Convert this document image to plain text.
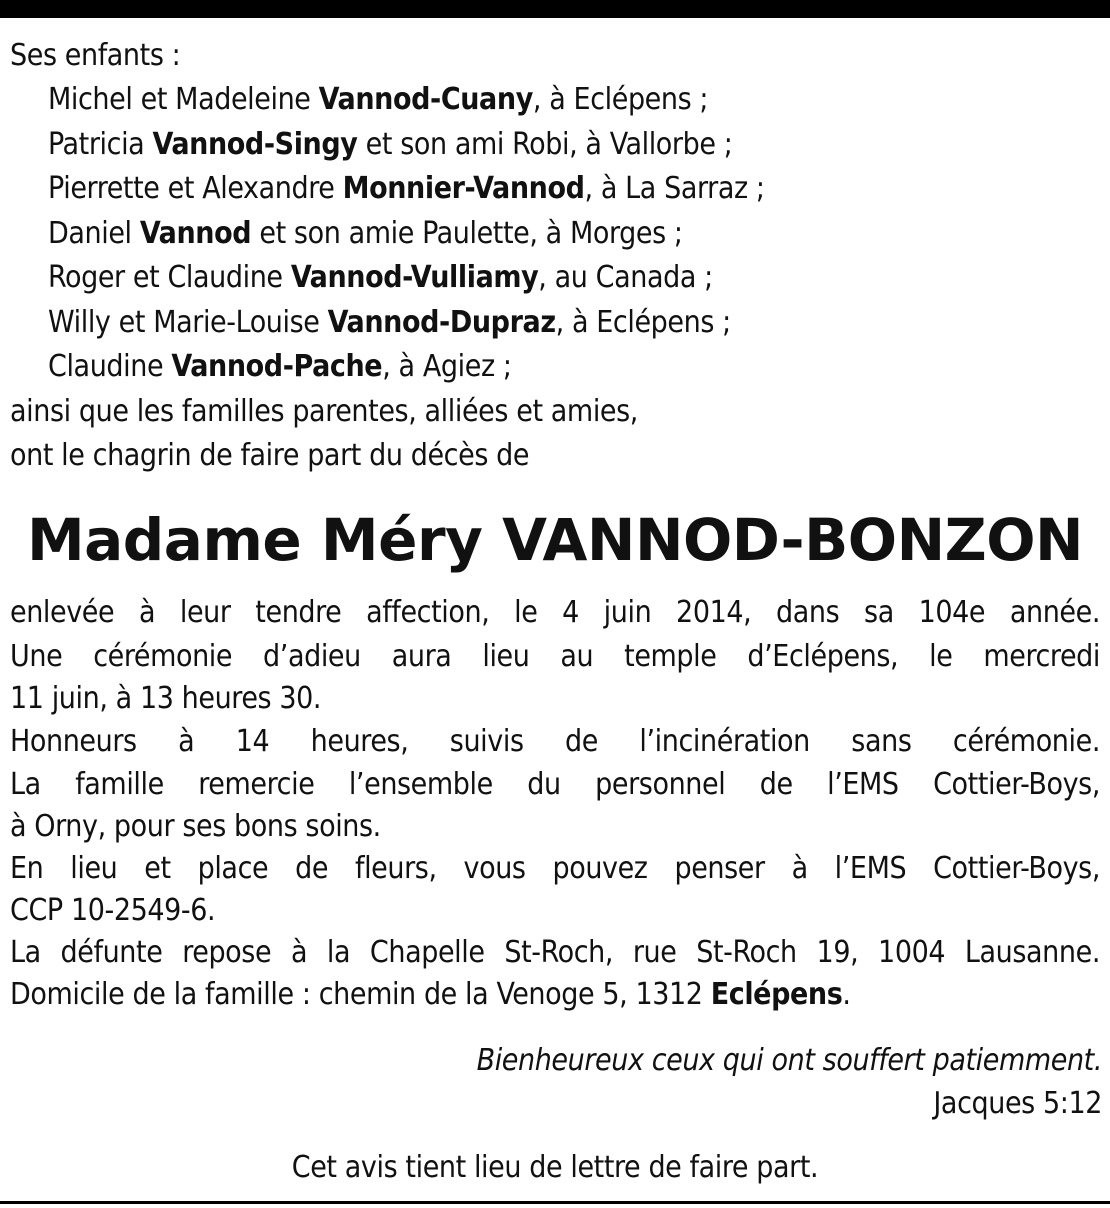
Ses enfants :
Michel et Madeleine Vannod-Cuany, à Eclépens ;
Patricia Vannod-Singy et son ami Robi, à Vallorbe ;
Pierrette et Alexandre Monnier-Vannod, à La Sarraz ;
Daniel Vannod et son amie Paulette, à Morges ;
Roger et Claudine Vannod-Vulliamy, au Canada ;
Willy et Marie-Louise Vannod-Dupraz, à Eclépens ;
Claudine Vannod-Pache, à Agiez ;
ainsi que les familles parentes, alliées et amies,
ont le chagrin de faire part du décès de
Madame Méry VANNOD-BONZON
enlevée à leur tendre affection, le 4 juin 2014, dans sa 104e année.
Une cérémonie d’adieu aura lieu au temple d’Eclépens, le mercredi
11 juin, à 13 heures 30.
Honneurs à 14 heures, suivis de l’incinération sans cérémonie.
La famille remercie l’ensemble du personnel de l’EMS Cottier-Boys,
à Orny, pour ses bons soins.
En lieu et place de fleurs, vous pouvez penser à l’EMS Cottier-Boys,
CCP 10-2549-6.
La défunte repose à la Chapelle St-Roch, rue St-Roch 19, 1004 Lausanne.
Domicile de la famille : chemin de la Venoge 5, 1312 Eclépens.
Bienheureux ceux qui ont souffert patiemment.
Jacques 5:12
Cet avis tient lieu de lettre de faire part.
